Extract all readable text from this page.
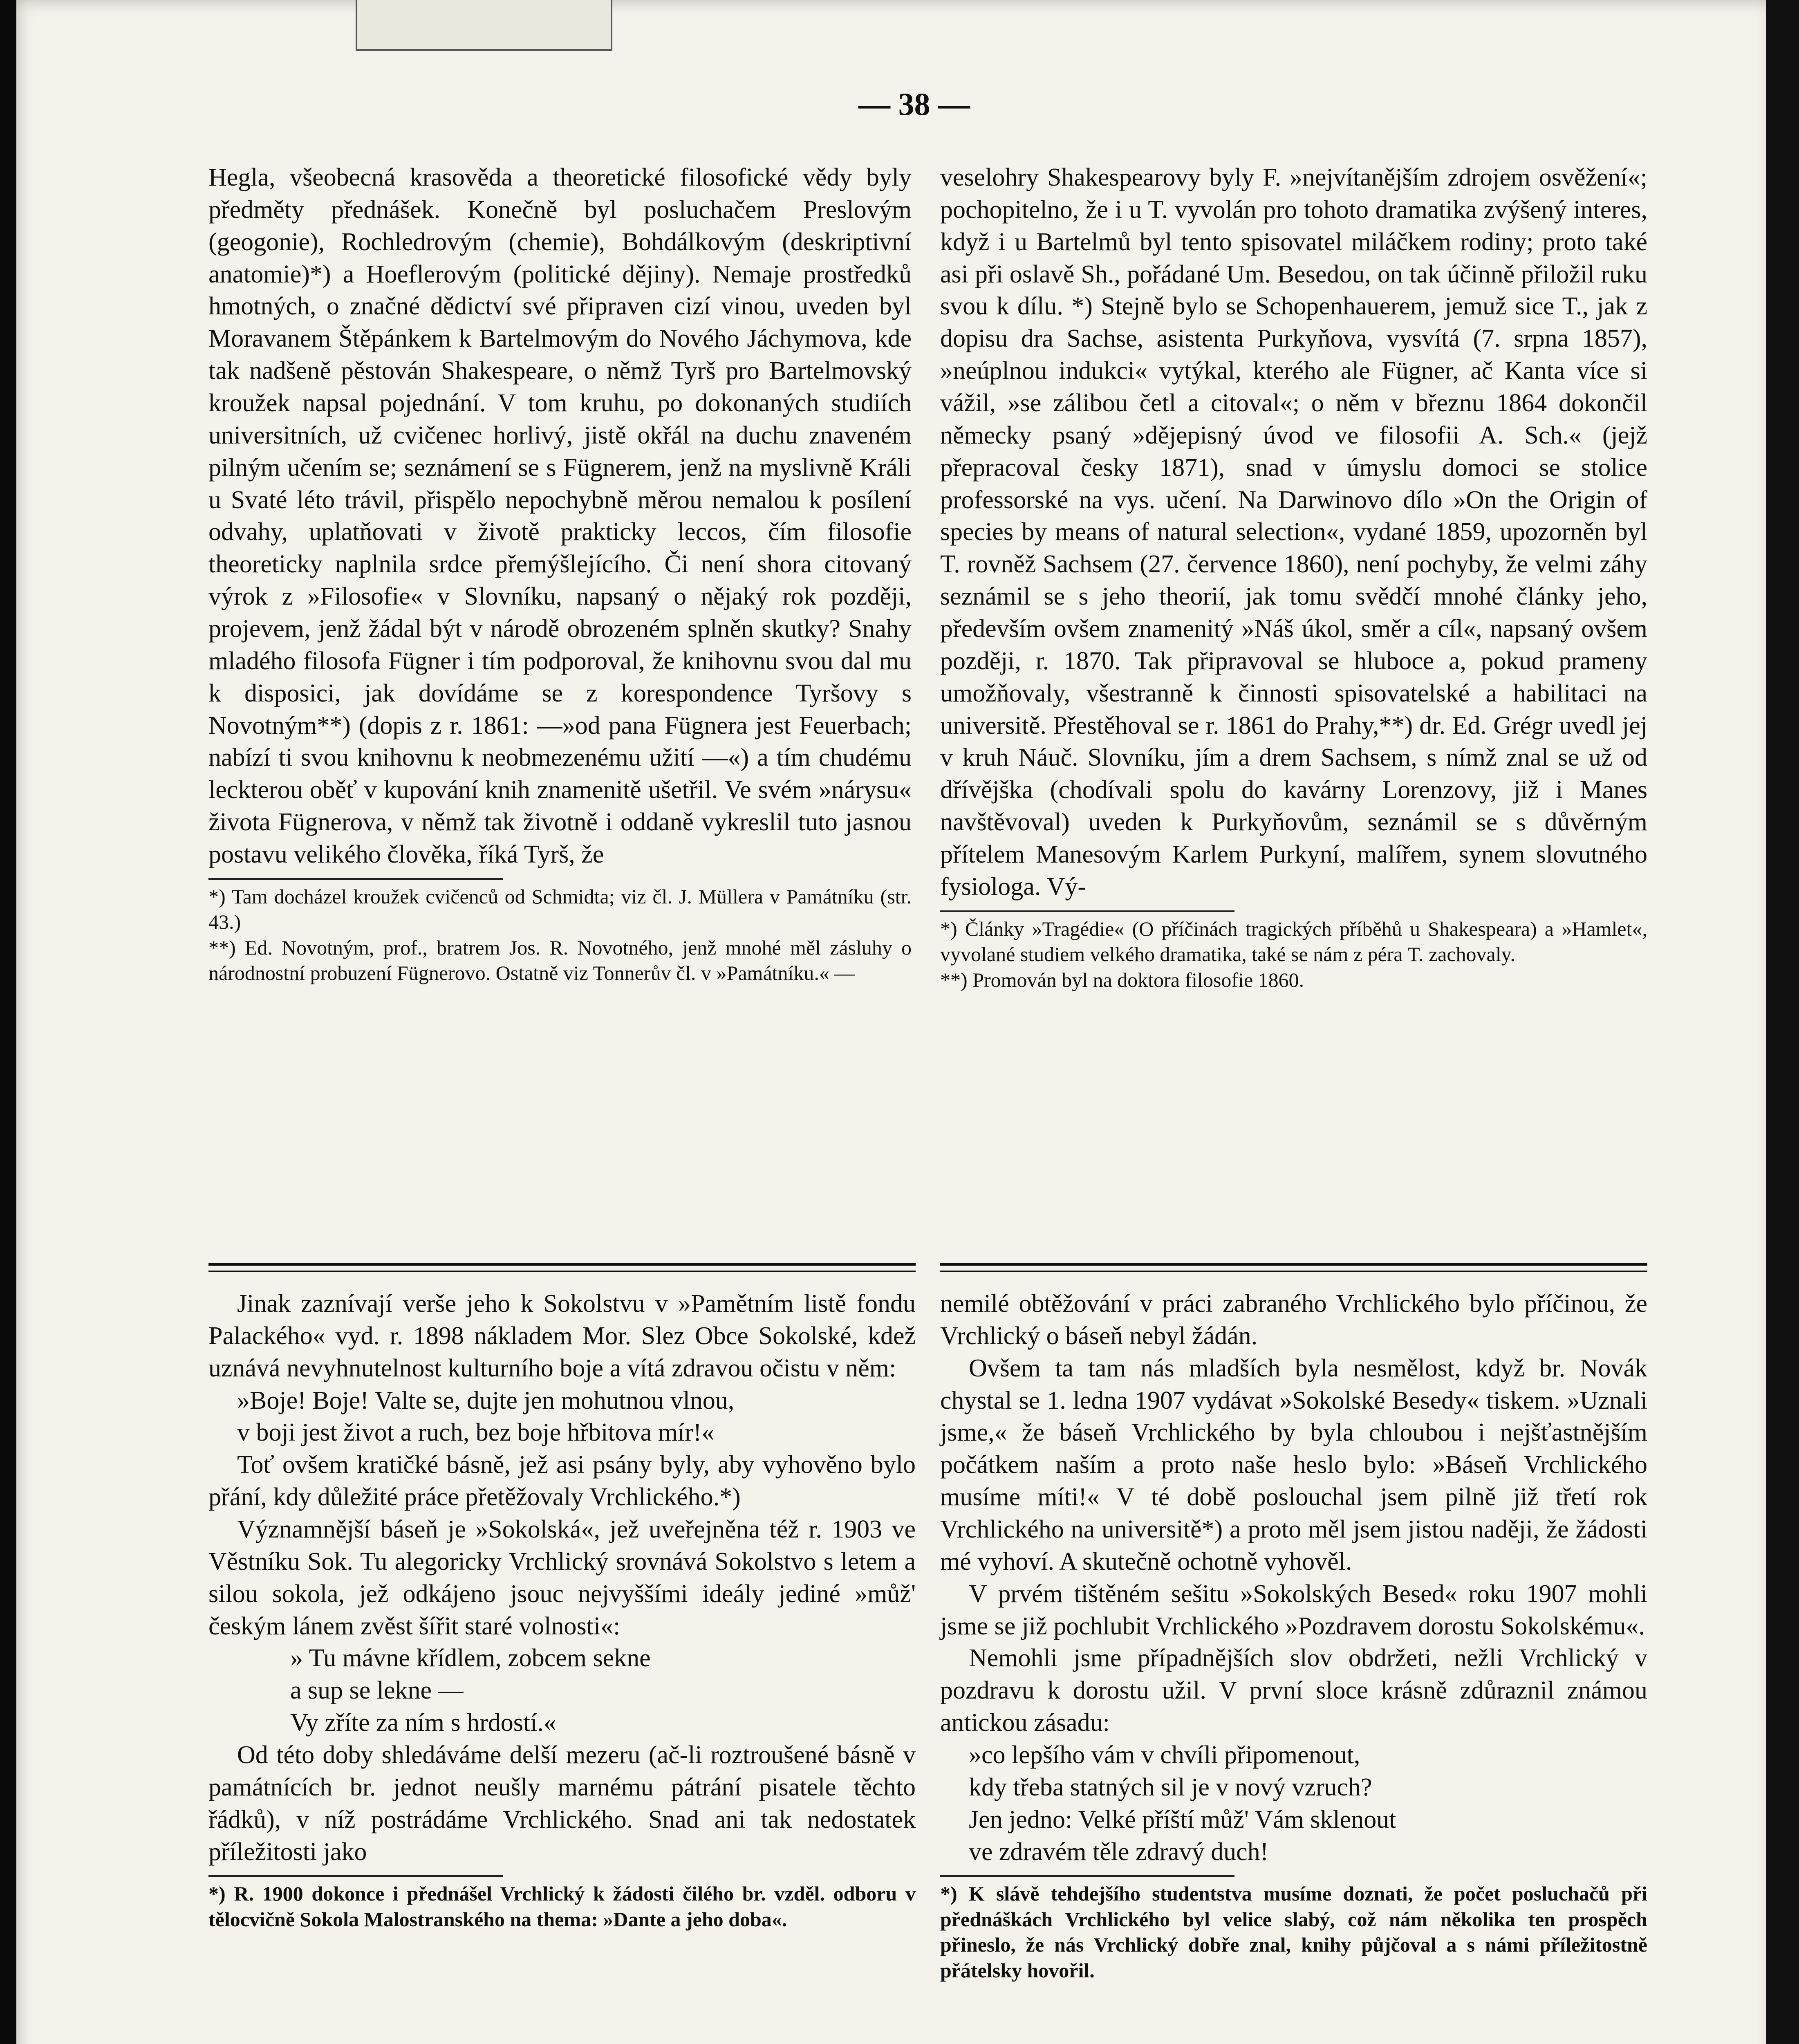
— 38 —

Hegla, všeobecná krasověda a theoretické filosofické vědy byly předměty přednášek. Konečně byl posluchačem Preslovým (geogonie), Rochledrovým (chemie), Bohdálkovým (deskriptivní anatomie)*) a Hoeflerovým (politické dějiny). Nemaje prostředků hmotných, o značné dědictví své připraven cizí vinou, uveden byl Moravanem Štěpánkem k Bartelmovým do Nového Jáchymova, kde tak nadšeně pěstován Shakespeare, o němž Tyrš pro Bartelmovský kroužek napsal pojednání. V tom kruhu, po dokonaných studiích universitních, už cvičenec horlivý, jistě okřál na duchu znaveném pilným učením se; seznámení se s Fügnerem, jenž na myslivně Králi u Svaté léto trávil, přispělo nepochybně měrou nemalou k posílení odvahy, uplatňovati v životě prakticky leccos, čím filosofie theoreticky naplnila srdce přemýšlejícího. Či není shora citovaný výrok z »Filosofie« v Slovníku, napsaný o nějaký rok později, projevem, jenž žádal být v národě obrozeném splněn skutky? Snahy mladého filosofa Fügner i tím podporoval, že knihovnu svou dal mu k disposici, jak dovídáme se z korespondence Tyršovy s Novotným**) (dopis z r. 1861: —»od pana Fügnera jest Feuerbach; nabízí ti svou knihovnu k neobmezenému užití —«) a tím chudému leckterou oběť v kupování knih znamenitě ušetřil. Ve svém »nárysu« života Fügnerova, v němž tak životně i oddaně vykreslil tuto jasnou postavu velikého člověka, říká Tyrš, že

*) Tam docházel kroužek cvičenců od Schmidta; viz čl. J. Müllera v Památníku (str. 43.)

**) Ed. Novotným, prof., bratrem Jos. R. Novotného, jenž mnohé měl zásluhy o národnostní probuzení Fügnerovo. Ostatně viz Tonnerův čl. v »Památníku.« —

veselohry Shakespearovy byly F. »nejvítanějším zdrojem osvěžení«; pochopitelno, že i u T. vyvolán pro tohoto dramatika zvýšený interes, když i u Bartelmů byl tento spisovatel miláčkem rodiny; proto také asi při oslavě Sh., pořádané Um. Besedou, on tak účinně přiložil ruku svou k dílu. *) Stejně bylo se Schopenhauerem, jemuž sice T., jak z dopisu dra Sachse, asistenta Purkyňova, vysvítá (7. srpna 1857), »neúplnou indukci« vytýkal, kterého ale Fügner, ač Kanta více si vážil, »se zálibou četl a citoval«; o něm v březnu 1864 dokončil německy psaný »dějepisný úvod ve filosofii A. Sch.« (jejž přepracoval česky 1871), snad v úmyslu domoci se stolice professorské na vys. učení. Na Darwinovo dílo »On the Origin of species by means of natural selection«, vydané 1859, upozorněn byl T. rovněž Sachsem (27. července 1860), není pochyby, že velmi záhy seznámil se s jeho theorií, jak tomu svědčí mnohé články jeho, především ovšem znamenitý »Náš úkol, směr a cíl«, napsaný ovšem později, r. 1870. Tak připravoval se hluboce a, pokud prameny umožňovaly, všestranně k činnosti spisovatelské a habilitaci na universitě. Přestěhoval se r. 1861 do Prahy,**) dr. Ed. Grégr uvedl jej v kruh Náuč. Slovníku, jím a drem Sachsem, s nímž znal se už od dřívějška (chodívali spolu do kavárny Lorenzovy, již i Manes navštěvoval) uveden k Purkyňovům, seznámil se s důvěrným přítelem Manesovým Karlem Purkyní, malířem, synem slovutného fysiologa. Vý-

*) Články »Tragédie« (O příčinách tragických příběhů u Shakespeara) a »Hamlet«, vyvolané studiem velkého dramatika, také se nám z péra T. zachovaly.

**) Promován byl na doktora filosofie 1860.

Jinak zaznívají verše jeho k Sokolstvu v »Pamětním listě fondu Palackého« vyd. r. 1898 nákladem Mor. Slez Obce Sokolské, kdež uznává nevyhnutelnost kulturního boje a vítá zdravou očistu v něm:

»Boje! Boje! Valte se, dujte jen mohutnou vlnou,

v boji jest život a ruch, bez boje hřbitova mír!«

Toť ovšem kratičké básně, jež asi psány byly, aby vyhověno bylo přání, kdy důležité práce přetěžovaly Vrchlického.*)

Významnější báseň je »Sokolská«, jež uveřejněna též r. 1903 ve Věstníku Sok. Tu alegoricky Vrchlický srovnává Sokolstvo s letem a silou sokola, jež odkájeno jsouc nejvyššími ideály jediné »můž' českým lánem zvěst šířit staré volnosti«:

» Tu mávne křídlem, zobcem sekne

a sup se lekne —

Vy zříte za ním s hrdostí.«

Od této doby shledáváme delší mezeru (ač-li roztroušené básně v památnících br. jednot neušly marnému pátrání pisatele těchto řádků), v níž postrádáme Vrchlického. Snad ani tak nedostatek příležitosti jako

*) R. 1900 dokonce i přednášel Vrchlický k žádosti čilého br. vzděl. odboru v tělocvičně Sokola Malostranského na thema: »Dante a jeho doba«.

nemilé obtěžování v práci zabraného Vrchlického bylo příčinou, že Vrchlický o báseň nebyl žádán.

Ovšem ta tam nás mladších byla nesmělost, když br. Novák chystal se 1. ledna 1907 vydávat »Sokolské Besedy« tiskem. »Uznali jsme,« že báseň Vrchlického by byla chloubou i nejšťastnějším počátkem naším a proto naše heslo bylo: »Báseň Vrchlického musíme míti!« V té době poslouchal jsem pilně již třetí rok Vrchlického na universitě*) a proto měl jsem jistou naději, že žádosti mé vyhoví. A skutečně ochotně vyhověl.

V prvém tištěném sešitu »Sokolských Besed« roku 1907 mohli jsme se již pochlubit Vrchlického »Pozdravem dorostu Sokolskému«.

Nemohli jsme případnějších slov obdržeti, nežli Vrchlický v pozdravu k dorostu užil. V první sloce krásně zdůraznil známou antickou zásadu:

»co lepšího vám v chvíli připomenout,

kdy třeba statných sil je v nový vzruch?

Jen jedno: Velké příští můž' Vám sklenout

ve zdravém těle zdravý duch!

*) K slávě tehdejšího studentstva musíme doznati, že počet posluchačů při přednáškách Vrchlického byl velice slabý, což nám několika ten prospěch přineslo, že nás Vrchlický dobře znal, knihy půjčoval a s námi příležitostně přátelsky hovořil.
